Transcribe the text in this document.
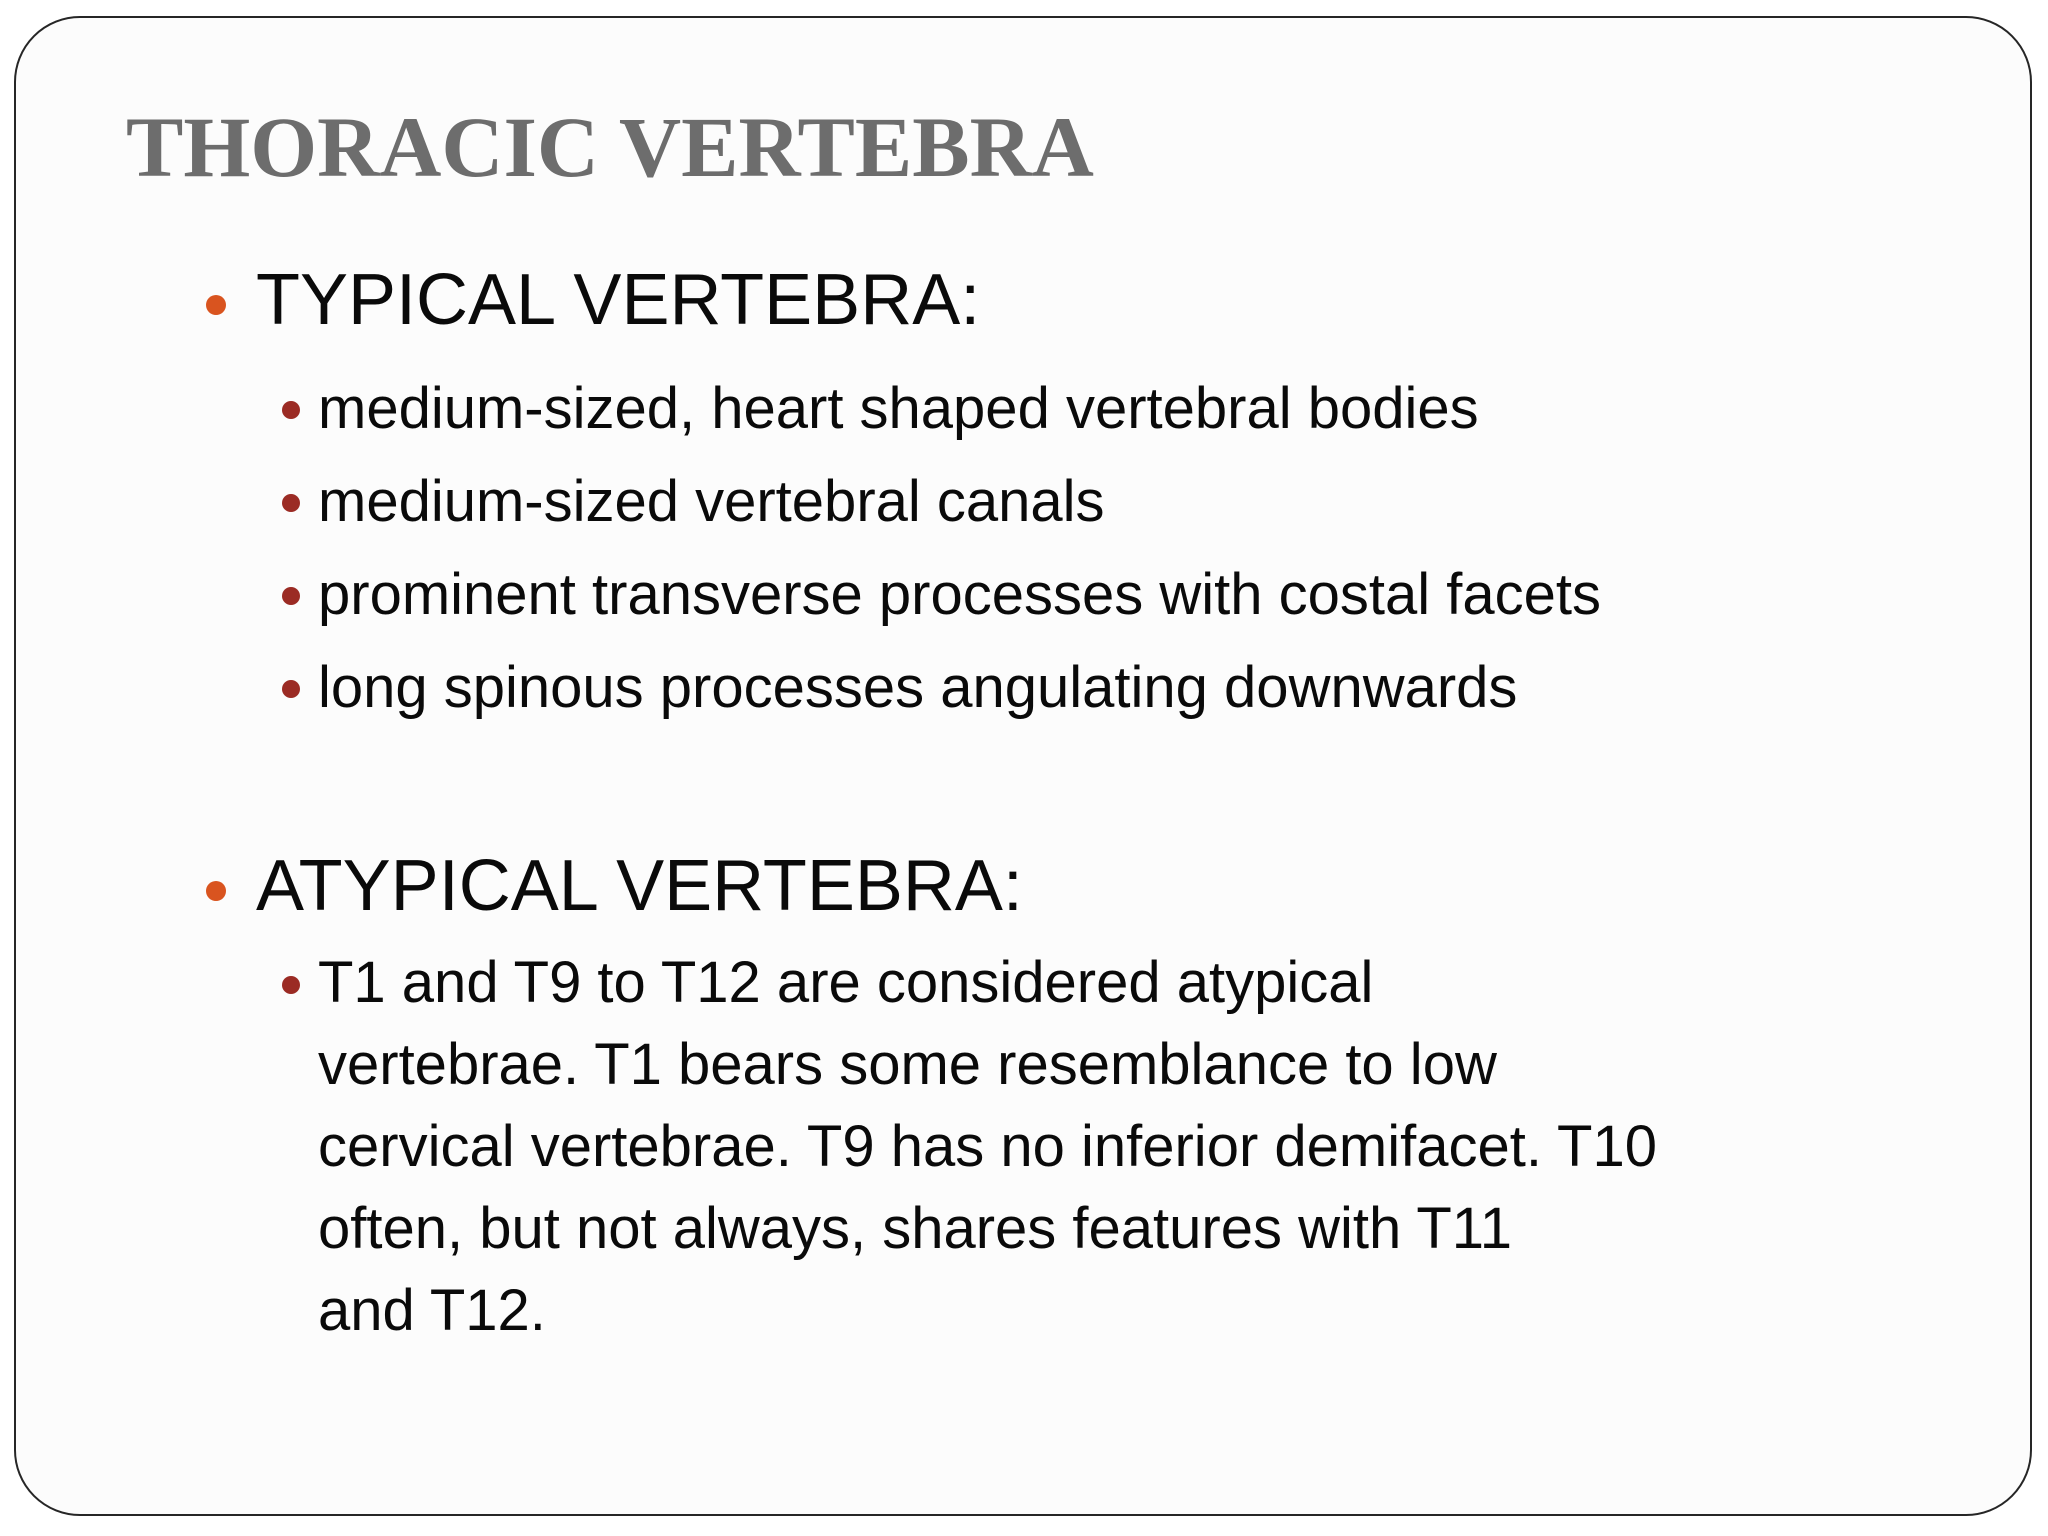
THORACIC VERTEBRA
TYPICAL VERTEBRA:
medium-sized, heart shaped vertebral bodies
medium-sized vertebral canals
prominent transverse processes with costal facets
long spinous processes angulating downwards
ATYPICAL VERTEBRA:
T1 and T9 to T12 are considered atypical
vertebrae. T1 bears some resemblance to low
cervical vertebrae. T9 has no inferior demifacet. T10
often, but not always, shares features with T11
and T12.
